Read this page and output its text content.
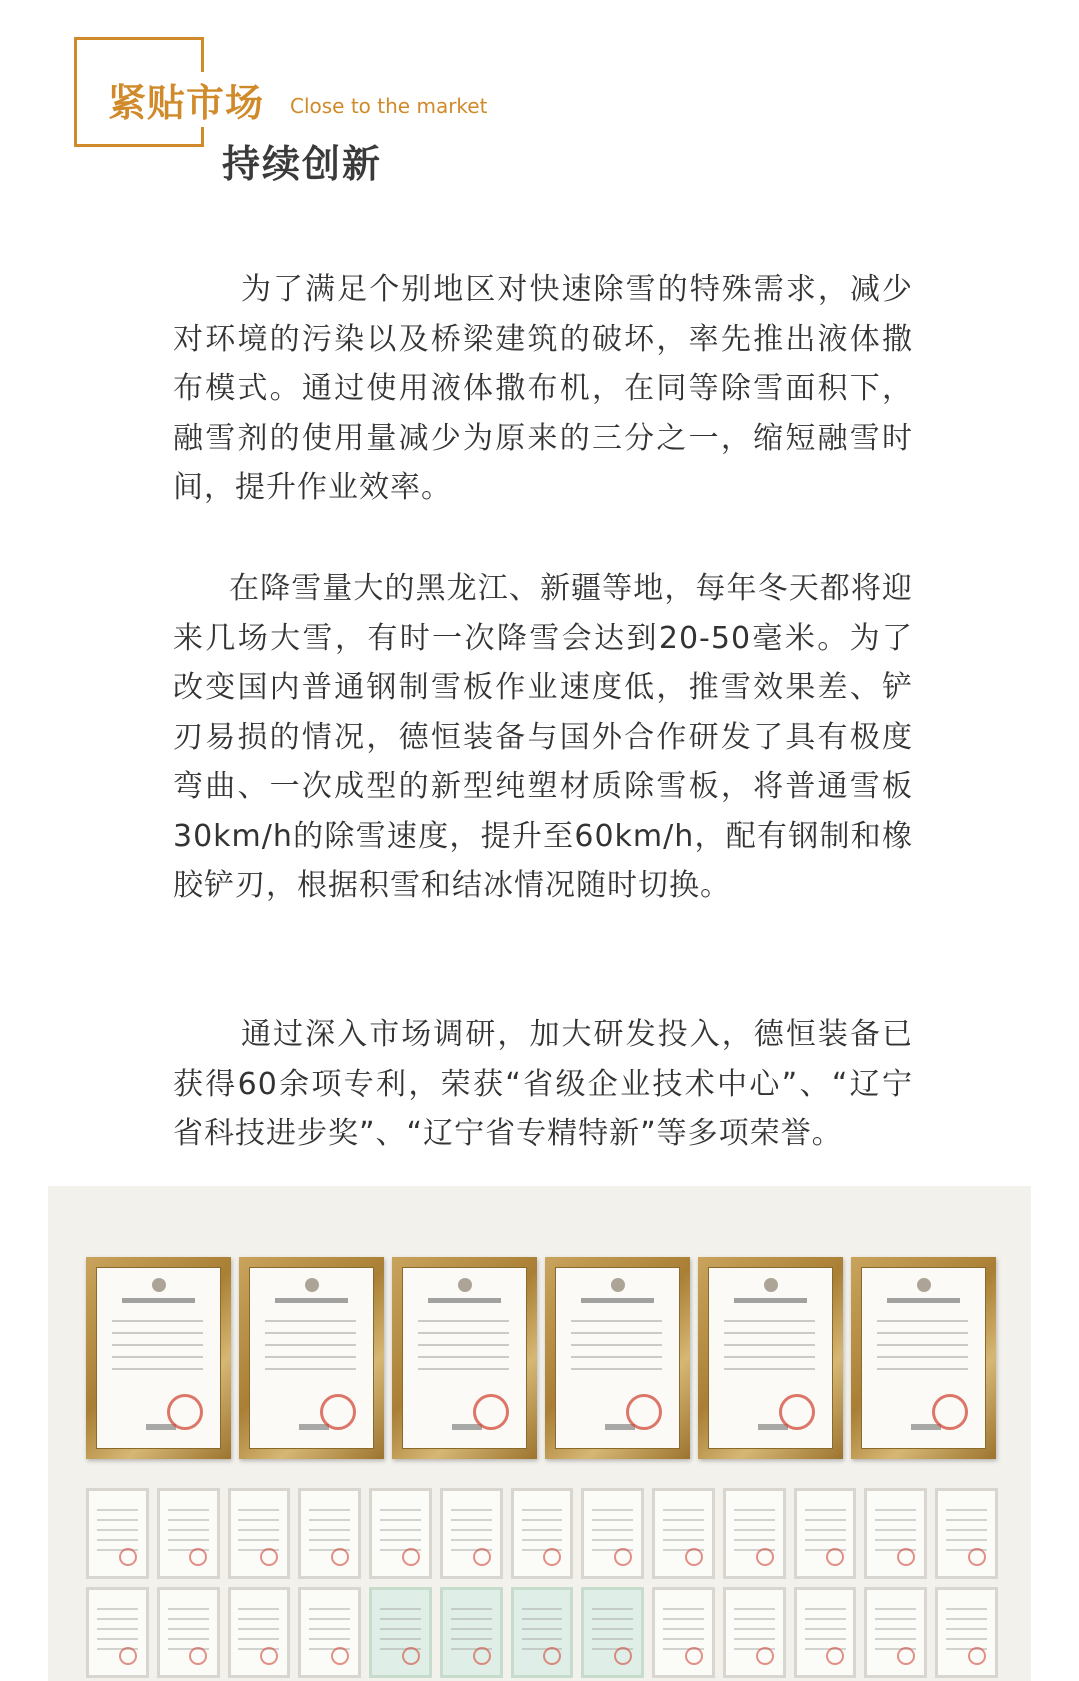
紧贴市场	Close to the market
持续创新

为了满足个别地区对快速除雪的特殊需求，减少对环境的污染以及桥梁建筑的破坏，率先推出液体撒布模式。通过使用液体撒布机，在同等除雪面积下，融雪剂的使用量减少为原来的三分之一，缩短融雪时间，提升作业效率。

在降雪量大的黑龙江、新疆等地，每年冬天都将迎来几场大雪，有时一次降雪会达到20-50毫米。为了改变国内普通钢制雪板作业速度低，推雪效果差、铲刃易损的情况，德恒装备与国外合作研发了具有极度弯曲、一次成型的新型纯塑材质除雪板，将普通雪板30km/h的除雪速度，提升至60km/h，配有钢制和橡胶铲刃，根据积雪和结冰情况随时切换。

通过深入市场调研，加大研发投入，德恒装备已获得60余项专利，荣获“省级企业技术中心”、“辽宁省科技进步奖”、“辽宁省专精特新”等多项荣誉。
